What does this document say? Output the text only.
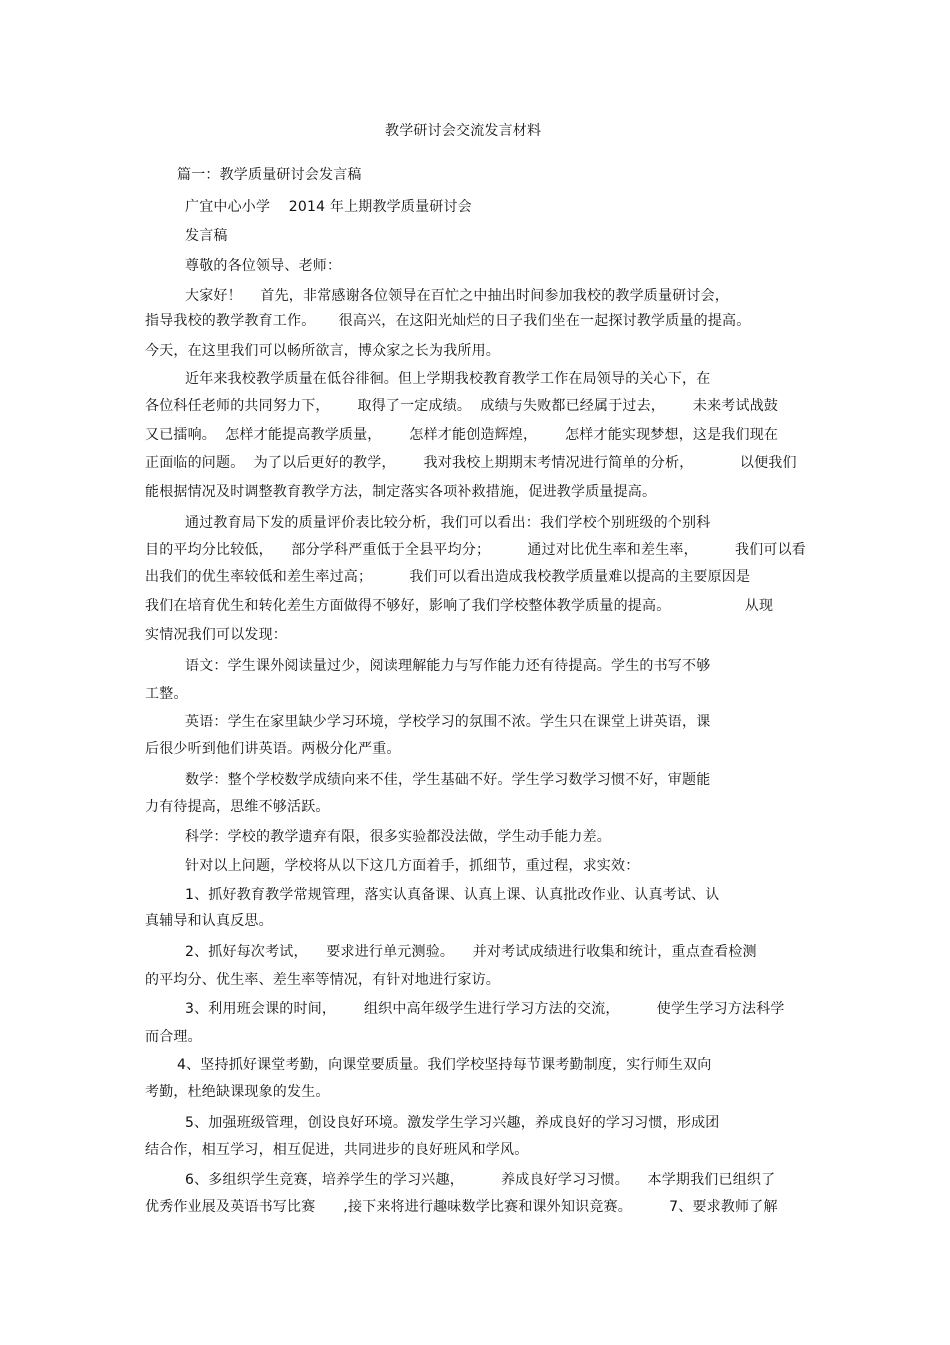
教学研讨会交流发言材料

篇一：教学质量研讨会发言稿

广宜中心小学    2014 年上期教学质量研讨会

发言稿

尊敬的各位领导、老师：

大家好！    首先，非常感谢各位领导在百忙之中抽出时间参加我校的教学质量研讨会，

指导我校的教学教育工作。     很高兴，在这阳光灿烂的日子我们坐在一起探讨教学质量的提高。

今天，在这里我们可以畅所欲言，博众家之长为我所用。

近年来我校教学质量在低谷徘徊。但上学期我校教育教学工作在局领导的关心下，在

各位科任老师的共同努力下，      取得了一定成绩。  成绩与失败都已经属于过去，      未来考试战鼓

又已擂响。  怎样才能提高教学质量，      怎样才能创造辉煌，      怎样才能实现梦想，这是我们现在

正面临的问题。  为了以后更好的教学，      我对我校上期期末考情况进行简单的分析，          以便我们

能根据情况及时调整教育教学方法，制定落实各项补救措施，促进教学质量提高。

通过教育局下发的质量评价表比较分析，我们可以看出：我们学校个别班级的个别科

目的平均分比较低，    部分学科严重低于全县平均分；        通过对比优生率和差生率，        我们可以看

出我们的优生率较低和差生率过高；        我们可以看出造成我校教学质量难以提高的主要原因是

我们在培育优生和转化差生方面做得不够好，影响了我们学校整体教学质量的提高。                从现

实情况我们可以发现：

语文：学生课外阅读量过少，阅读理解能力与写作能力还有待提高。学生的书写不够

工整。

英语：学生在家里缺少学习环境，学校学习的氛围不浓。学生只在课堂上讲英语，课

后很少听到他们讲英语。两极分化严重。

数学：整个学校数学成绩向来不佳，学生基础不好。学生学习数学习惯不好，审题能

力有待提高，思维不够活跃。

科学：学校的教学遗弃有限，很多实验都没法做，学生动手能力差。

针对以上问题，学校将从以下这几方面着手，抓细节，重过程，求实效：

1、抓好教育教学常规管理，落实认真备课、认真上课、认真批改作业、认真考试、认

真辅导和认真反思。

2、抓好每次考试，    要求进行单元测验。    并对考试成绩进行收集和统计，重点查看检测

的平均分、优生率、差生率等情况，有针对地进行家访。

3、利用班会课的时间，      组织中高年级学生进行学习方法的交流，        使学生学习方法科学

而合理。

4、坚持抓好课堂考勤，向课堂要质量。我们学校坚持每节课考勤制度，实行师生双向

考勤，杜绝缺课现象的发生。

5、加强班级管理，创设良好环境。激发学生学习兴趣，养成良好的学习习惯，形成团

结合作，相互学习，相互促进，共同进步的良好班风和学风。

6、多组织学生竞赛，培养学生的学习兴趣，        养成良好学习习惯。    本学期我们已组织了

优秀作业展及英语书写比赛      ,接下来将进行趣味数学比赛和课外知识竞赛。        7、要求教师了解
